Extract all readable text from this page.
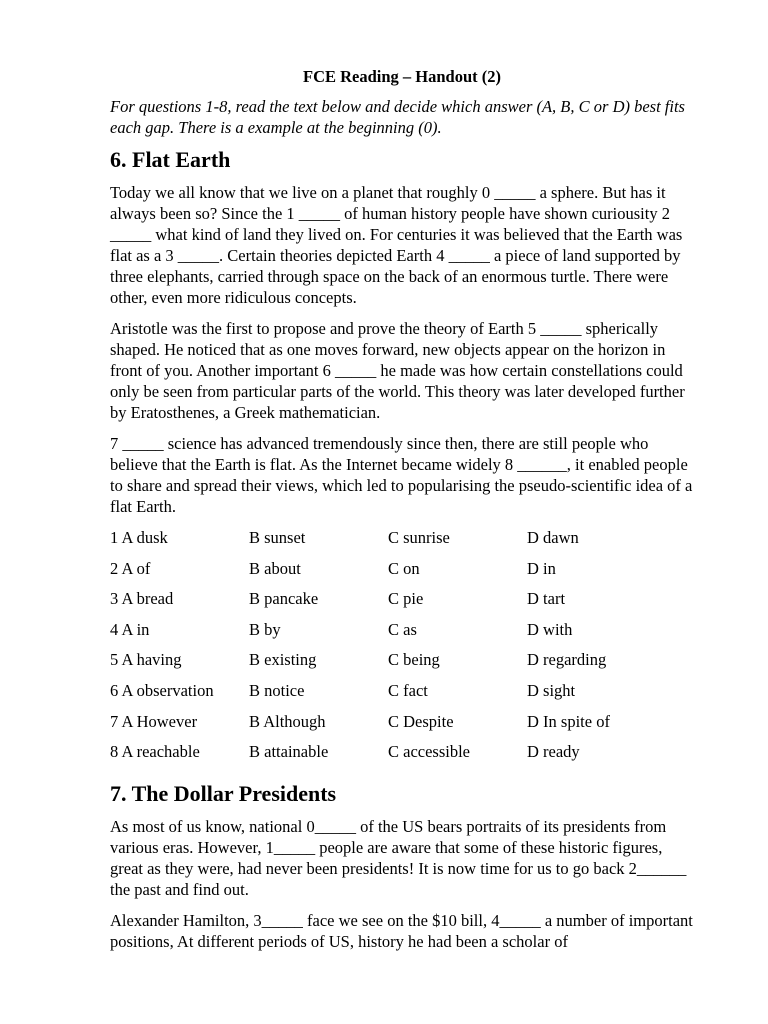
FCE Reading – Handout (2)
For questions 1-8, read the text below and decide which answer (A, B, C or D) best fits each gap. There is a example at the beginning (0).
6. Flat Earth

Today we all know that we live on a planet that roughly 0 _____ a sphere. But has it always been so? Since the 1 _____ of human history people have shown curiousity 2 _____ what kind of land they lived on. For centuries it was believed that the Earth was flat as a 3 _____. Certain theories depicted Earth 4 _____ a piece of land supported by three elephants, carried through space on the back of an enormous turtle. There were other, even more ridiculous concepts.

Aristotle was the first to propose and prove the theory of Earth 5 _____ spherically shaped. He noticed that as one moves forward, new objects appear on the horizon in front of you. Another important 6 _____ he made was how certain constellations could only be seen from particular parts of the world. This theory was later developed further by Eratosthenes, a Greek mathematician.

7 _____ science has advanced tremendously since then, there are still people who believe that the Earth is flat. As the Internet became widely 8 ______, it enabled people to share and spread their views, which led to popularising the pseudo-scientific idea of a flat Earth.

1 A dusk	B sunset	C sunrise	D dawn
2 A of	B about	C on	D in
3 A bread	B pancake	C pie	D tart
4 A in	B by	C as	D with
5 A having	B existing	C being	D regarding
6 A observation	B notice	C fact	D sight
7 A However	B Although	C Despite	D In spite of
8 A reachable	B attainable	C accessible	D ready
7. The Dollar Presidents

As most of us know, national 0_____ of the US bears portraits of its presidents from various eras. However, 1_____ people are aware that some of these historic figures, great as they were, had never been presidents! It is now time for us to go back 2______ the past and find out.

Alexander Hamilton, 3_____ face we see on the $10 bill, 4_____ a number of important positions, At different periods of US, history he had been a scholar of
